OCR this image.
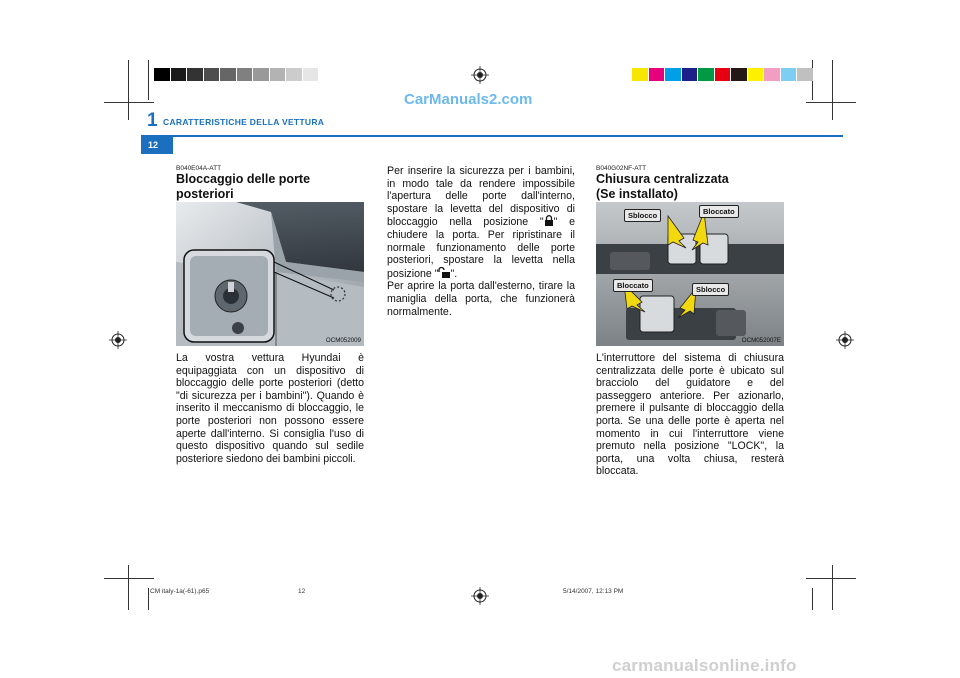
CarManuals2.com
1 CARATTERISTICHE DELLA VETTURA
12
B040E04A-ATT
Bloccaggio delle porte posteriori
OCM052009
La vostra vettura Hyundai è equipaggiata con un dispositivo di bloccaggio delle porte posteriori (detto "di sicurezza per i bambini"). Quando è inserito il meccanismo di bloccaggio, le porte posteriori non possono essere aperte dall'interno. Si consiglia l'uso di questo dispositivo quando sul sedile posteriore siedono dei bambini piccoli.
Per inserire la sicurezza per i bambini, in modo tale da rendere impossibile l'apertura delle porte dall'interno, spostare la levetta del dispositivo di bloccaggio nella posizione " " e chiudere la porta. Per ripristinare il normale funzionamento delle porte posteriori, spostare la levetta nella posizione " ".
Per aprire la porta dall'esterno, tirare la maniglia della porta, che funzionerà normalmente.
B040G02NF-ATT
Chiusura centralizzata
(Se installato)
Sblocco	Bloccato
Bloccato	Sblocco
OCM052007E
L'interruttore del sistema di chiusura centralizzata delle porte è ubicato sul bracciolo del guidatore e del passeggero anteriore. Per azionarlo, premere il pulsante di bloccaggio della porta. Se una delle porte è aperta nel momento in cui l'interruttore viene premuto nella posizione "LOCK", la porta, una volta chiusa, resterà bloccata.
CM italy-1a(-61).p65	12	5/14/2007, 12:13 PM
carmanualsonline.info
